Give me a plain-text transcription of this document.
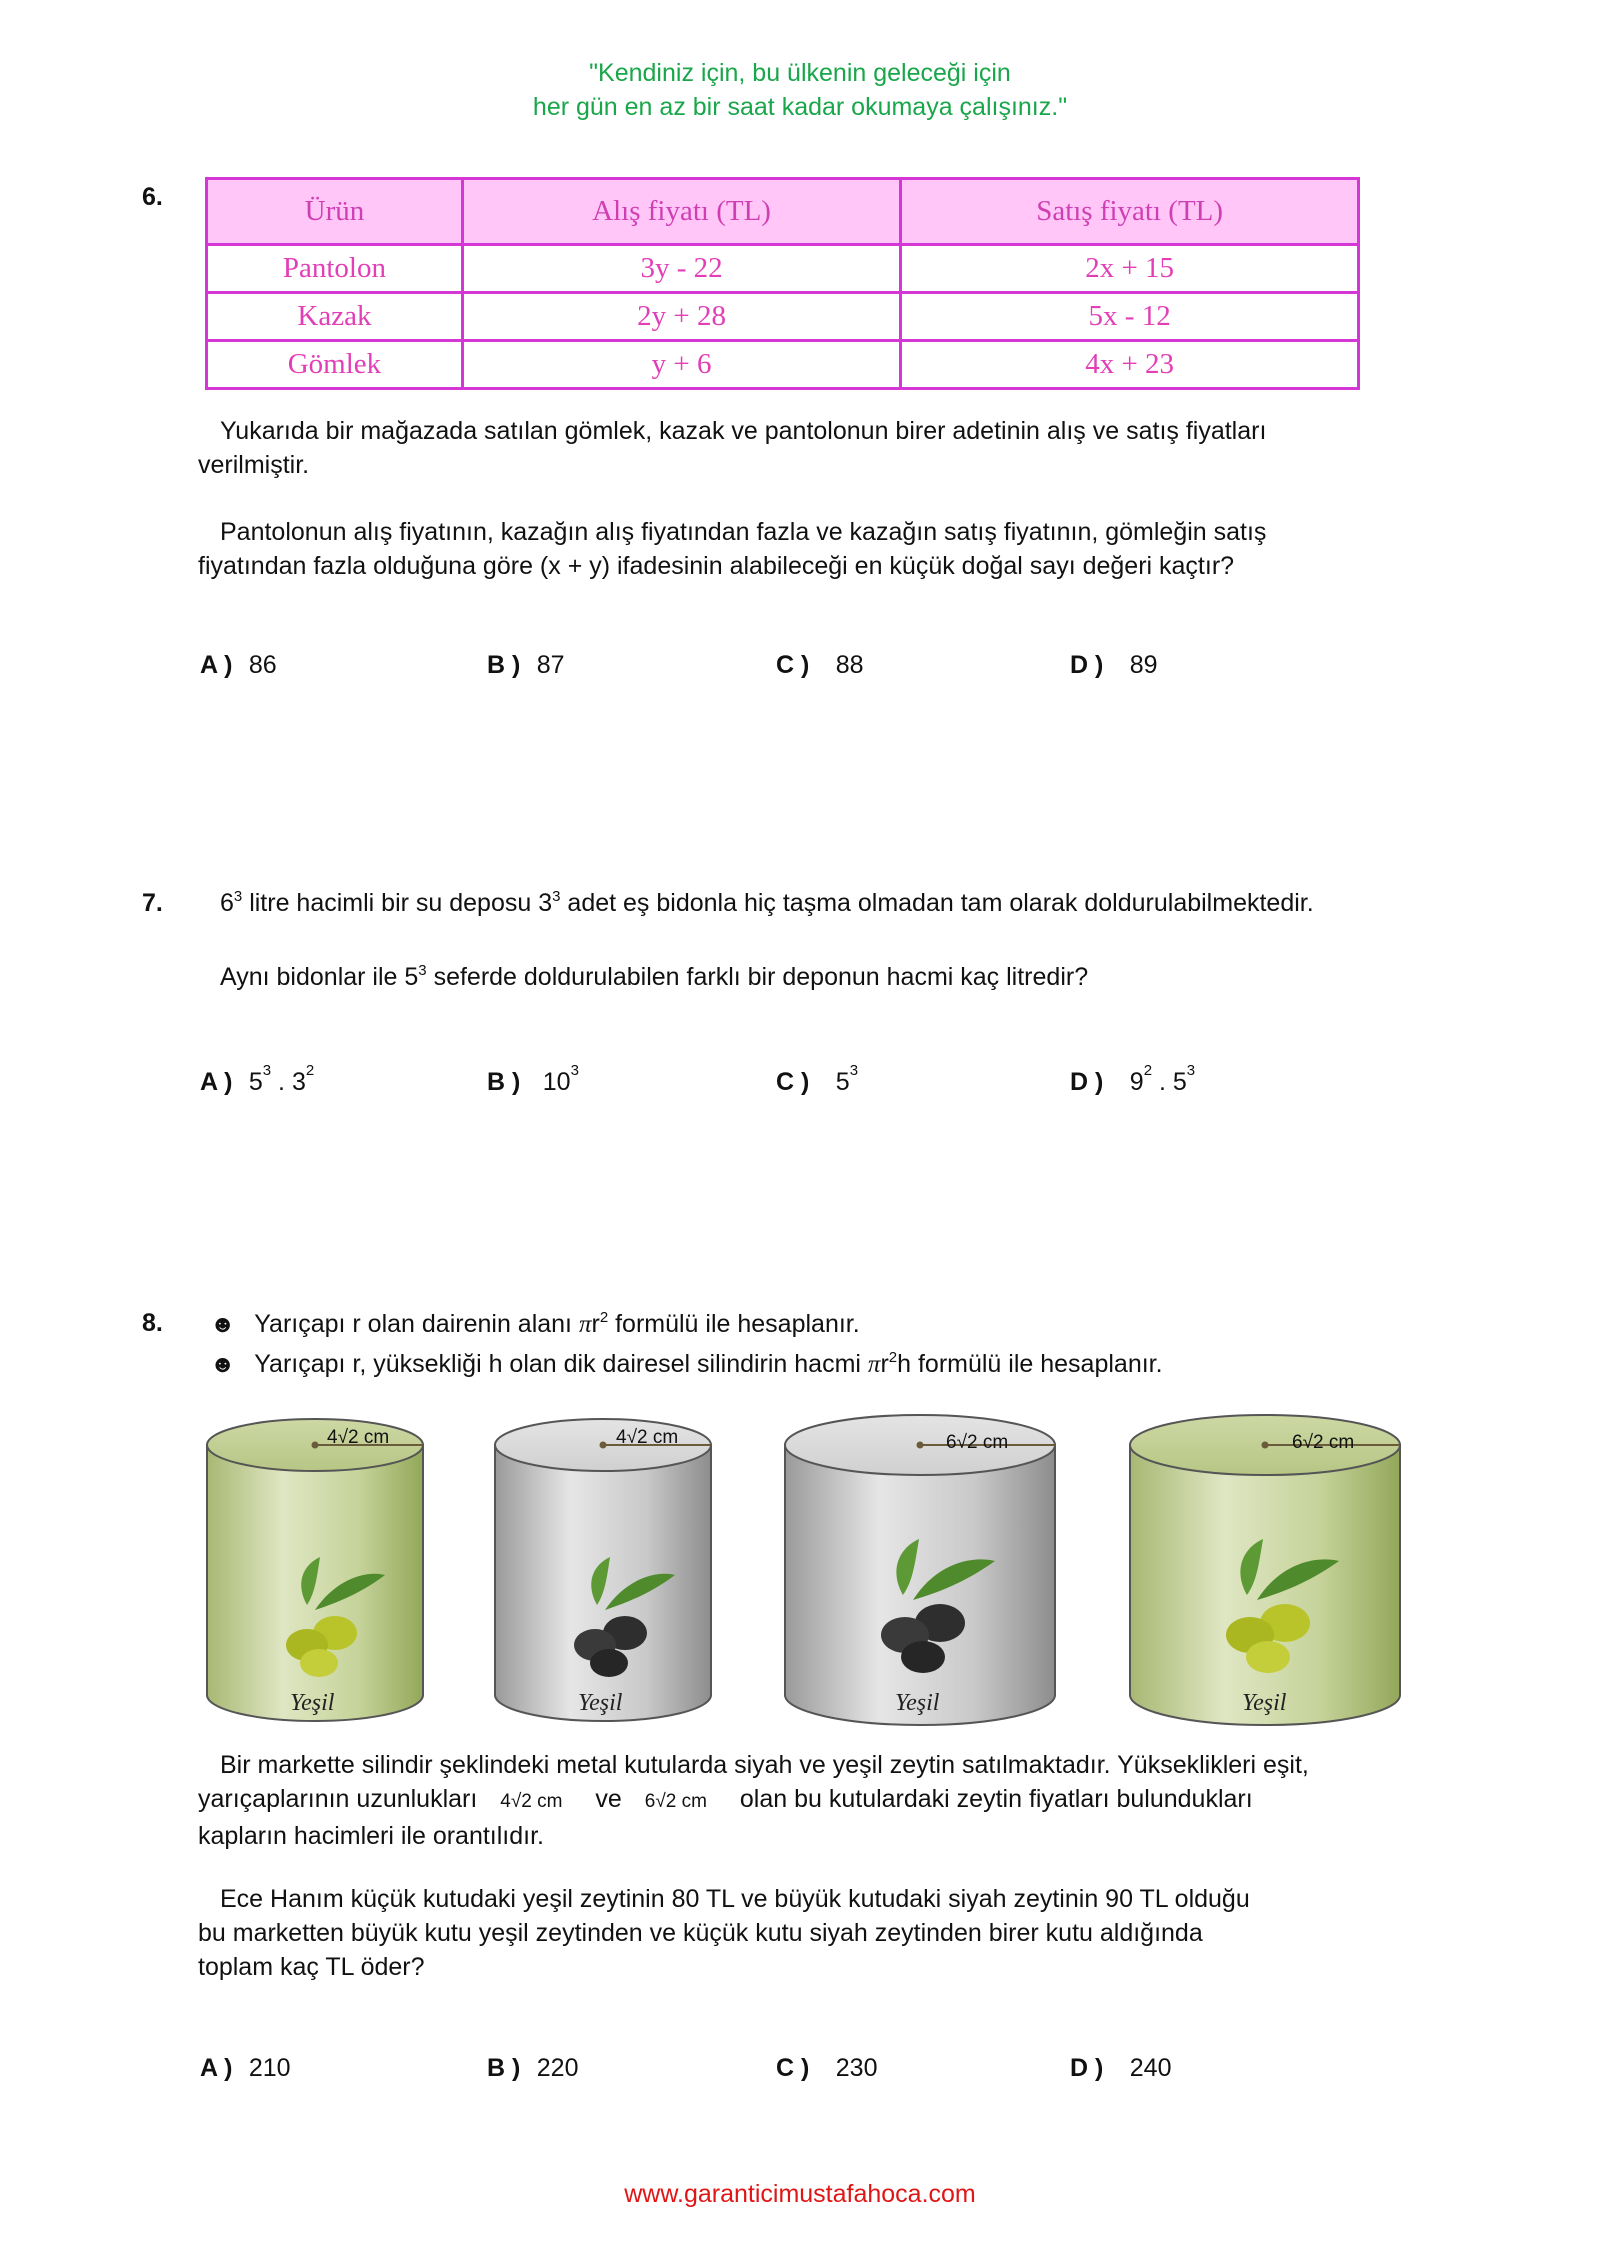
"Kendiniz için, bu ülkenin geleceği için
her gün en az bir saat kadar okumaya çalışınız."
6.	Ürün	Alış fiyatı (TL)	Satış fiyatı (TL)
Pantolon	3y - 22	2x + 15
Kazak	2y + 28	5x - 12
Gömlek	y + 6	4x + 23
Yukarıda bir mağazada satılan gömlek, kazak ve pantolonun birer adetinin alış ve satış fiyatları
verilmiştir.
Pantolonun alış fiyatının, kazağın alış fiyatından fazla ve kazağın satış fiyatının, gömleğin satış
fiyatından fazla olduğuna göre (x + y) ifadesinin alabileceği en küçük doğal sayı değeri kaçtır?
A ) 86	B ) 87	C ) 88	D ) 89
7. $6^3$ litre hacimli bir su deposu $3^3$ adet eş bidonla hiç taşma olmadan tam olarak doldurulabilmektedir.
Aynı bidonlar ile $5^3$ seferde doldurulabilen farklı bir deponun hacmi kaç litredir?
A ) $5^3$ . $3^2$	B ) $10^3$	C ) $5^3$	D ) $9^2$ . $5^3$
8. ☻ Yarıçapı r olan dairenin alanı $\pi r^2$ formülü ile hesaplanır.
☻ Yarıçapı r, yüksekliği h olan dik dairesel silindirin hacmi $\pi r^2h$ formülü ile hesaplanır.
4√2 cm	4√2 cm	6√2 cm	6√2 cm
Yeşil	Yeşil	Yeşil	Yeşil
Bir markette silindir şeklindeki metal kutularda siyah ve yeşil zeytin satılmaktadır. Yükseklikleri eşit,
yarıçaplarının uzunlukları 4√2 cm ve 6√2 cm olan bu kutulardaki zeytin fiyatları bulundukları
kapların hacimleri ile orantılıdır.
Ece Hanım küçük kutudaki yeşil zeytinin 80 TL ve büyük kutudaki siyah zeytinin 90 TL olduğu
bu marketten büyük kutu yeşil zeytinden ve küçük kutu siyah zeytinden birer kutu aldığında
toplam kaç TL öder?
A ) 210	B ) 220	C ) 230	D ) 240
www.garanticimustafahoca.com
